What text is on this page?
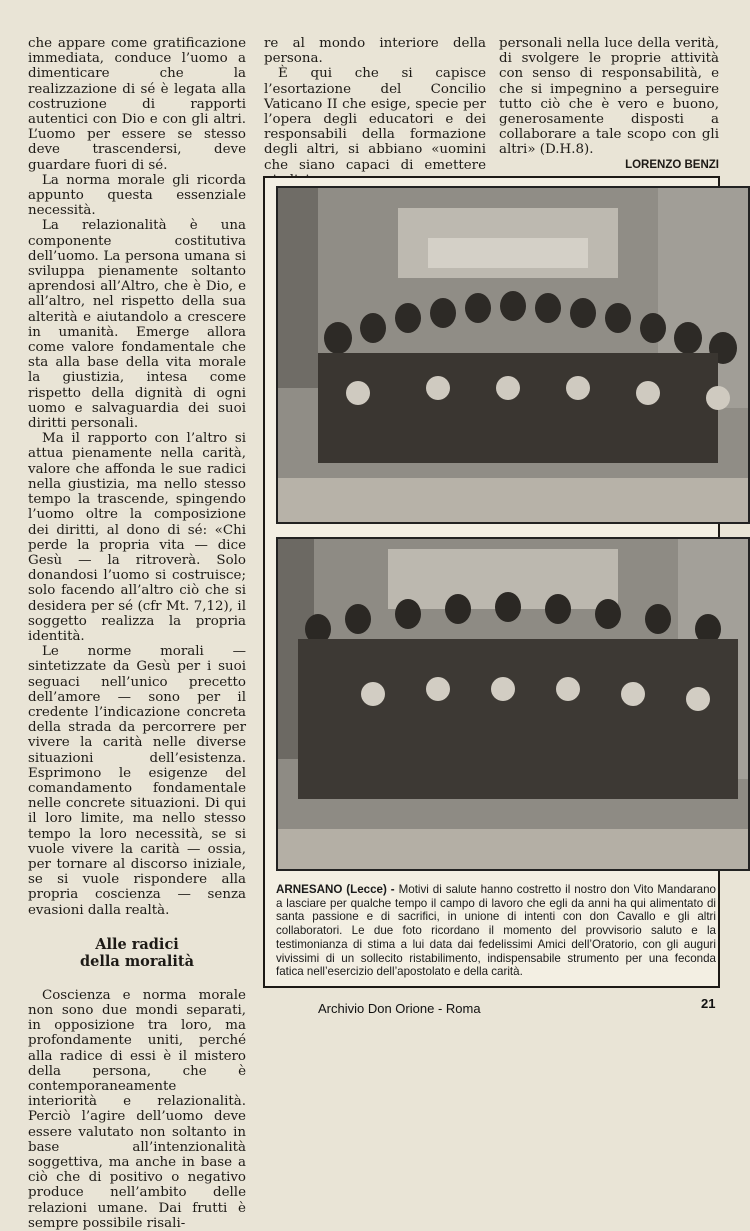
che appare come gratificazione immediata, conduce l’uomo a dimenticare che la realizzazione di sé è legata alla costruzione di rapporti autentici con Dio e con gli altri. L’uomo per essere se stesso deve trascendersi, deve guardare fuori di sé.

La norma morale gli ricorda appunto questa essenziale necessità.

La relazionalità è una componente costitutiva dell’uomo. La persona umana si sviluppa pienamente soltanto aprendosi all’Altro, che è Dio, e all’altro, nel rispetto della sua alterità e aiutandolo a crescere in umanità. Emerge allora come valore fondamentale che sta alla base della vita morale la giustizia, intesa come rispetto della dignità di ogni uomo e salvaguardia dei suoi diritti personali.

Ma il rapporto con l’altro si attua pienamente nella carità, valore che affonda le sue radici nella giustizia, ma nello stesso tempo la trascende, spingendo l’uomo oltre la composizione dei diritti, al dono di sé: «Chi perde la propria vita — dice Gesù — la ritroverà. Solo donandosi l’uomo si costruisce; solo facendo all’altro ciò che si desidera per sé (cfr Mt. 7,12), il soggetto realizza la propria identità.

Le norme morali — sintetizzate da Gesù per i suoi seguaci nell’unico precetto dell’amore — sono per il credente l’indicazione concreta della strada da percorrere per vivere la carità nelle diverse situazioni dell’esistenza. Esprimono le esigenze del comandamento fondamentale nelle concrete situazioni. Di qui il loro limite, ma nello stesso tempo la loro necessità, se si vuole vivere la carità — ossia, per tornare al discorso iniziale, se si vuole rispondere alla propria coscienza — senza evasioni dalla realtà.

Alle radici
della moralità

Coscienza e norma morale non sono due mondi separati, in opposizione tra loro, ma profondamente uniti, perché alla radice di essi è il mistero della persona, che è contemporaneamente interiorità e relazionalità. Perciò l’agire dell’uomo deve essere valutato non soltanto in base all’intenzionalità soggettiva, ma anche in base a ciò che di positivo o negativo produce nell’ambito delle relazioni umane. Dai frutti è sempre possibile risali-

re al mondo interiore della persona.

È qui che si capisce l’esortazione del Concilio Vaticano II che esige, specie per l’opera degli educatori e dei responsabili della formazione degli altri, si abbiano «uomini che siano capaci di emettere

personali nella luce della verità, di svolgere le proprie attività con senso di responsabilità, e che si impegnino a perseguire tutto ciò che è vero e buono, generosamente disposti a collaborare a tale scopo con gli altri» (D.H.8).

LORENZO BENZI
ARNESANO (Lecce) - Motivi di salute hanno costretto il nostro don Vito Mandarano a lasciare per qualche tempo il campo di lavoro che egli da anni ha qui alimentato di santa passione e di sacrifici, in unione di intenti con don Cavallo e gli altri collaboratori. Le due foto ricordano il momento del provvisorio saluto e la testimonianza di stima a lui data dai fedelissimi Amici dell’Oratorio, con gli auguri vivissimi di un sollecito ristabilimento, indispensabile strumento per una feconda fatica nell’esercizio dell’apostolato e della carità.
Archivio Don Orione - Roma	21
